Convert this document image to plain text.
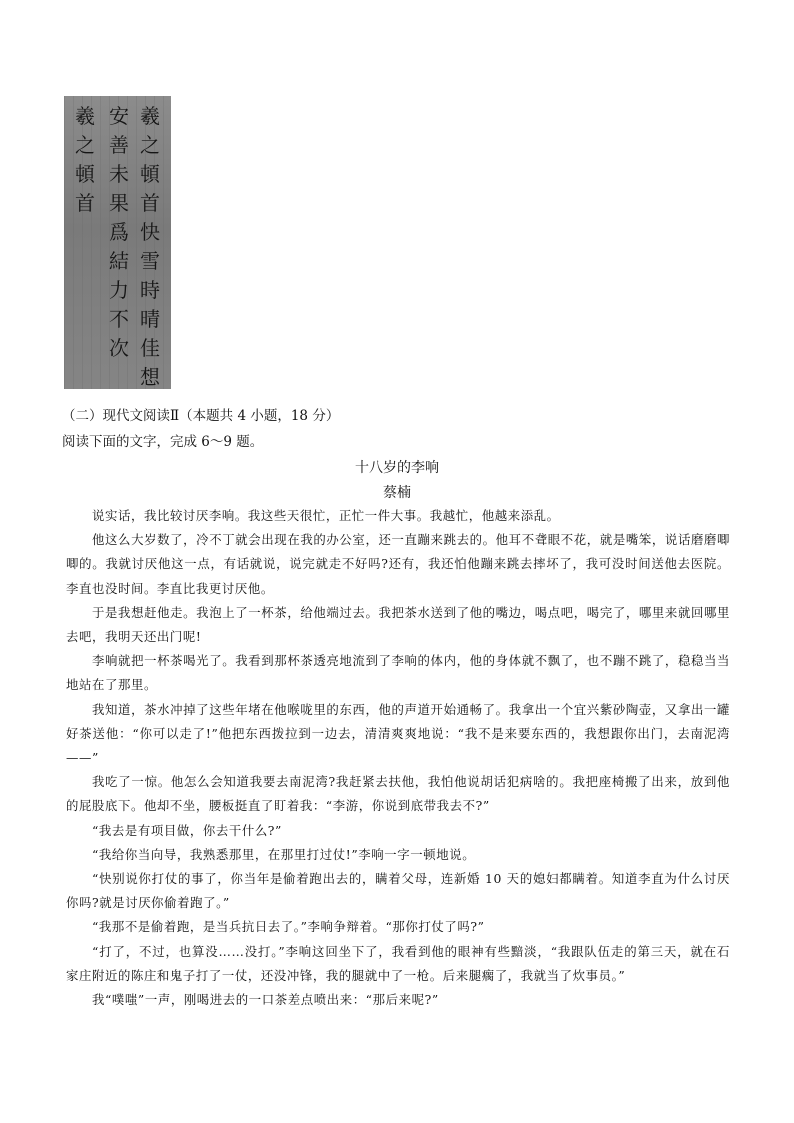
羲之頓首快雪時晴佳想
安善未果爲結力不次
羲之頓首
（二）现代文阅读Ⅱ（本题共 4 小题，18 分）
阅读下面的文字，完成 6～9 题。
十八岁的李响
蔡楠

说实话，我比较讨厌李响。我这些天很忙，正忙一件大事。我越忙，他越来添乱。

他这么大岁数了，冷不丁就会出现在我的办公室，还一直蹦来跳去的。他耳不聋眼不花，就是嘴笨，说话磨磨唧唧的。我就讨厌他这一点，有话就说，说完就走不好吗?还有，我还怕他蹦来跳去摔坏了，我可没时间送他去医院。李直也没时间。李直比我更讨厌他。

于是我想赶他走。我泡上了一杯茶，给他端过去。我把茶水送到了他的嘴边，喝点吧，喝完了，哪里来就回哪里去吧，我明天还出门呢!

李响就把一杯茶喝光了。我看到那杯茶透亮地流到了李响的体内，他的身体就不飘了，也不蹦不跳了，稳稳当当地站在了那里。

我知道，茶水冲掉了这些年堵在他喉咙里的东西，他的声道开始通畅了。我拿出一个宜兴紫砂陶壶，又拿出一罐好茶送他：“你可以走了!”他把东西拨拉到一边去，清清爽爽地说：“我不是来要东西的，我想跟你出门，去南泥湾——”

我吃了一惊。他怎么会知道我要去南泥湾?我赶紧去扶他，我怕他说胡话犯病啥的。我把座椅搬了出来，放到他的屁股底下。他却不坐，腰板挺直了盯着我：“李游，你说到底带我去不?”

“我去是有项目做，你去干什么?”

“我给你当向导，我熟悉那里，在那里打过仗!”李响一字一顿地说。

“快别说你打仗的事了，你当年是偷着跑出去的，瞒着父母，连新婚 10 天的媳妇都瞒着。知道李直为什么讨厌你吗?就是讨厌你偷着跑了。”

“我那不是偷着跑，是当兵抗日去了。”李响争辩着。“那你打仗了吗?”

“打了，不过，也算没……没打。”李响这回坐下了，我看到他的眼神有些黯淡，“我跟队伍走的第三天，就在石家庄附近的陈庄和鬼子打了一仗，还没冲锋，我的腿就中了一枪。后来腿瘸了，我就当了炊事员。”

我“噗嗤”一声，刚喝进去的一口茶差点喷出来：“那后来呢?”
